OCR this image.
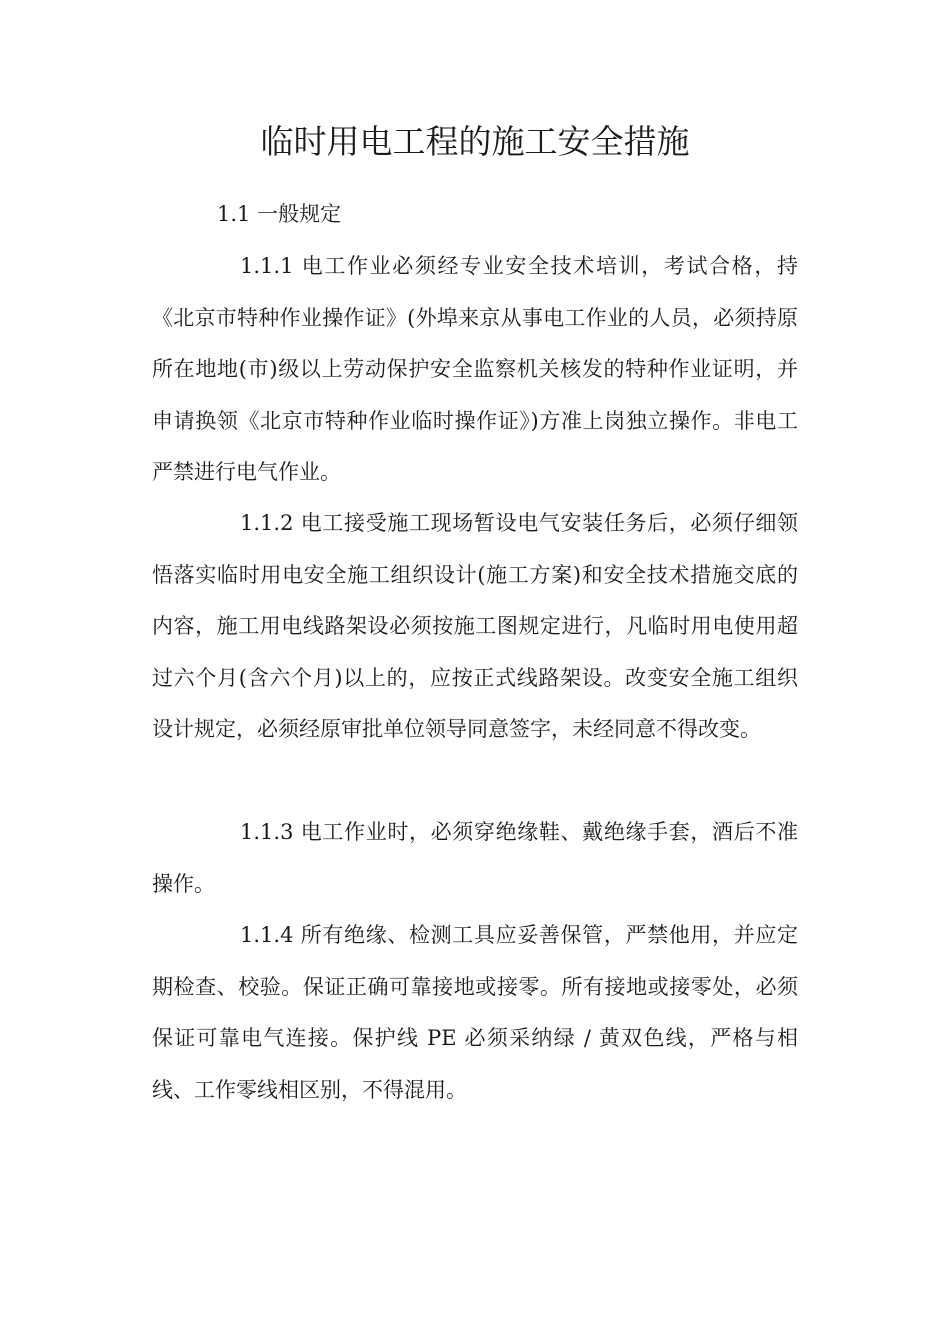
临时用电工程的施工安全措施

1.1 一般规定

1.1.1 电工作业必须经专业安全技术培训，考试合格，持《北京市特种作业操作证》(外埠来京从事电工作业的人员，必须持原所在地地(市)级以上劳动保护安全监察机关核发的特种作业证明，并申请换领《北京市特种作业临时操作证》)方准上岗独立操作。非电工严禁进行电气作业。

1.1.2 电工接受施工现场暂设电气安装任务后，必须仔细领悟落实临时用电安全施工组织设计(施工方案)和安全技术措施交底的内容，施工用电线路架设必须按施工图规定进行，凡临时用电使用超过六个月(含六个月)以上的，应按正式线路架设。改变安全施工组织设计规定，必须经原审批单位领导同意签字，未经同意不得改变。

1.1.3 电工作业时，必须穿绝缘鞋、戴绝缘手套，酒后不准操作。

1.1.4 所有绝缘、检测工具应妥善保管，严禁他用，并应定期检查、校验。保证正确可靠接地或接零。所有接地或接零处，必须保证可靠电气连接。保护线 PE 必须采纳绿 / 黄双色线，严格与相线、工作零线相区别，不得混用。
